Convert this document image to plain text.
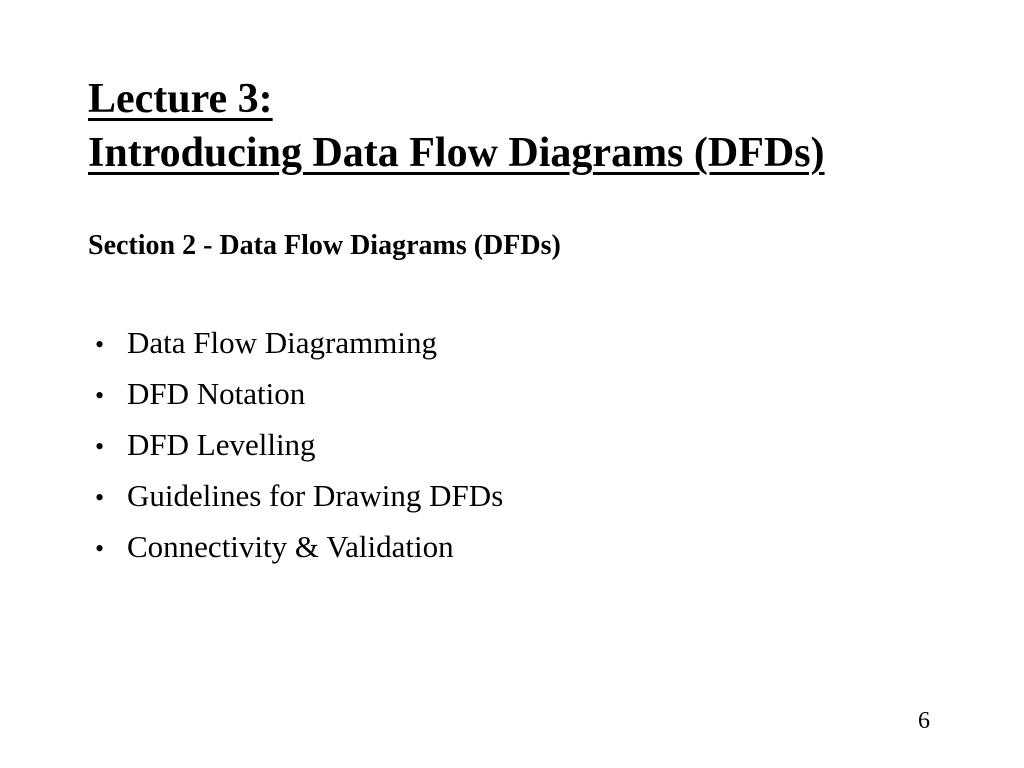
Lecture 3:
Introducing Data Flow Diagrams (DFDs)
Section 2 - Data Flow Diagrams (DFDs)
• Data Flow Diagramming
• DFD Notation
• DFD Levelling
• Guidelines for Drawing DFDs
• Connectivity & Validation
6
